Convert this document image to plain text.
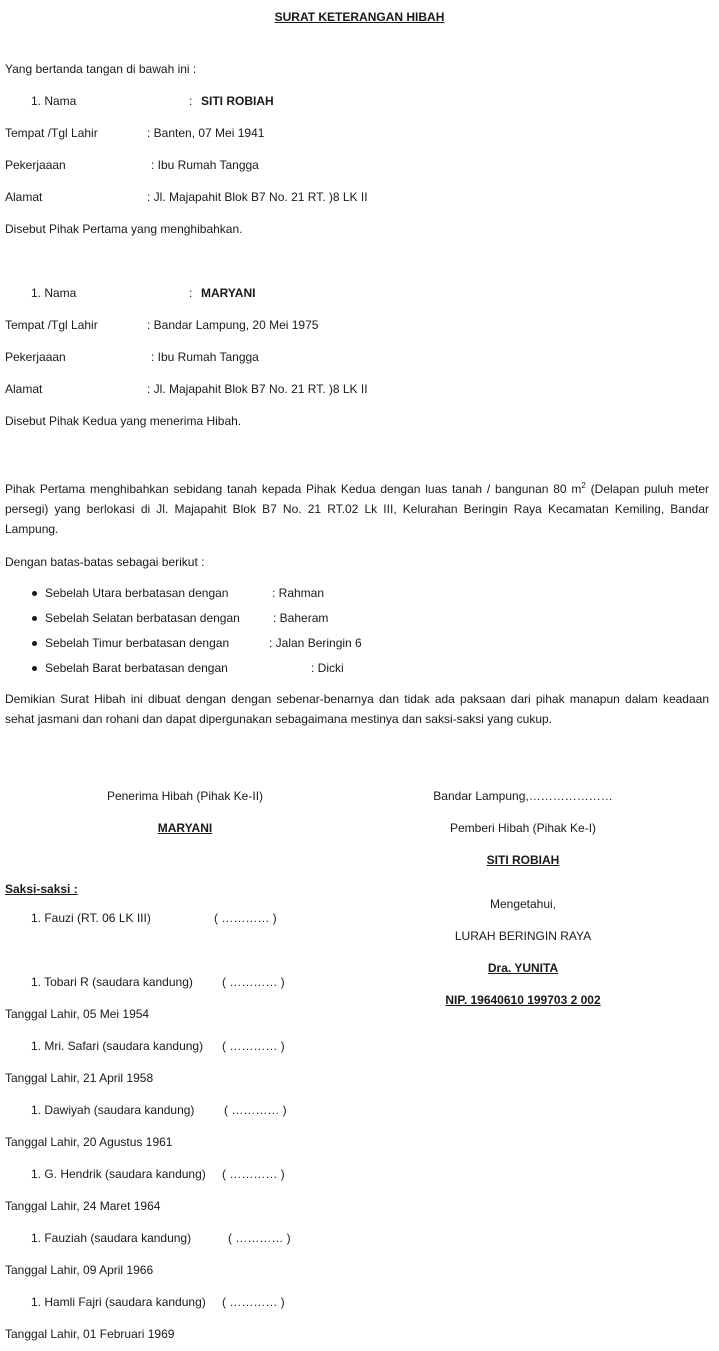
SURAT KETERANGAN HIBAH
Yang bertanda tangan di bawah ini :
1. Nama	: SITI ROBIAH
Tempat /Tgl Lahir	: Banten, 07 Mei 1941
Pekerjaaan	: Ibu Rumah Tangga
Alamat	: Jl. Majapahit Blok B7 No. 21 RT. )8 LK II
Disebut Pihak Pertama yang menghibahkan.
1. Nama	: MARYANI
Tempat /Tgl Lahir	: Bandar Lampung, 20 Mei 1975
Pekerjaaan	: Ibu Rumah Tangga
Alamat	: Jl. Majapahit Blok B7 No. 21 RT. )8 LK II
Disebut Pihak Kedua yang menerima Hibah.
Pihak Pertama menghibahkan sebidang tanah kepada Pihak Kedua dengan luas tanah / bangunan 80 $m^2$ (Delapan puluh meter persegi) yang berlokasi di Jl. Majapahit Blok B7 No. 21 RT.02 Lk III, Kelurahan Beringin Raya Kecamatan Kemiling, Bandar Lampung.
Dengan batas-batas sebagai berikut :
Sebelah Utara berbatasan dengan	: Rahman
Sebelah Selatan berbatasan dengan	: Baheram
Sebelah Timur berbatasan dengan	: Jalan Beringin 6
Sebelah Barat berbatasan dengan	: Dicki
Demikian Surat Hibah ini dibuat dengan dengan sebenar-benarnya dan tidak ada paksaan dari pihak manapun dalam keadaan sehat jasmani dan rohani dan dapat dipergunakan sebagaimana mestinya dan saksi-saksi yang cukup.
Penerima Hibah (Pihak Ke-II)
MARYANI
Bandar Lampung,…………………
Pemberi Hibah (Pihak Ke-I)
SITI ROBIAH
Mengetahui,
LURAH BERINGIN RAYA
Dra. YUNITA
NIP. 19640610 199703 2 002
Saksi-saksi :
1. Fauzi (RT. 06 LK III)	( ………… )
1. Tobari R (saudara kandung) ( ………… )
Tanggal Lahir, 05 Mei 1954
1. Mri. Safari (saudara kandung) ( ………… )
Tanggal Lahir, 21 April 1958
1. Dawiyah (saudara kandung) ( ………… )
Tanggal Lahir, 20 Agustus 1961
1. G. Hendrik (saudara kandung) ( ………… )
Tanggal Lahir, 24 Maret 1964
1. Fauziah (saudara kandung)	( ………… )
Tanggal Lahir, 09 April 1966
1. Hamli Fajri (saudara kandung) ( ………… )
Tanggal Lahir, 01 Februari 1969
